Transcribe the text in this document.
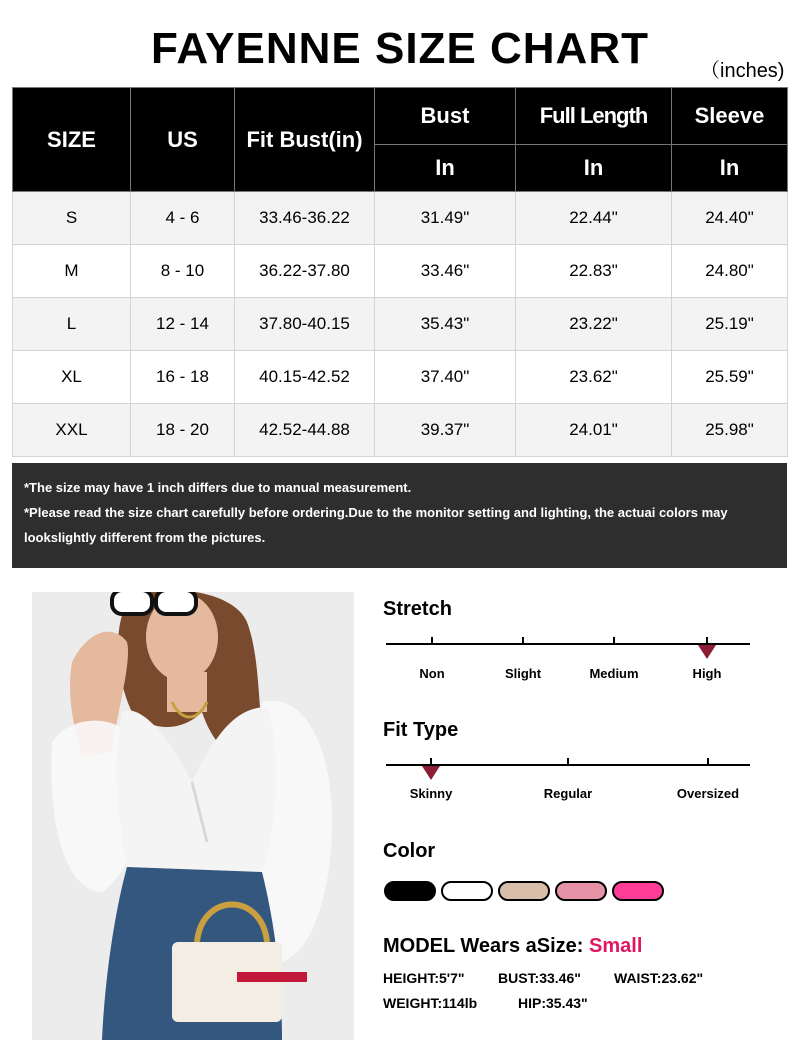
FAYENNE SIZE CHART	（inches)
SIZE	US	Fit Bust(in)	Bust	Full Length	Sleeve
			In	In	In
S	4 - 6	33.46-36.22	31.49"	22.44"	24.40"
M	8 - 10	36.22-37.80	33.46"	22.83"	24.80"
L	12 - 14	37.80-40.15	35.43"	23.22"	25.19"
XL	16 - 18	40.15-42.52	37.40"	23.62"	25.59"
XXL	18 - 20	42.52-44.88	39.37"	24.01"	25.98"

*The size may have 1 inch differs due to manual measurement.

*Please read the size chart carefully before ordering.Due to the monitor setting and lighting, the actuai colors may lookslightly different from the pictures.

Stretch
Non	Slight	Medium	High
Fit Type
Skinny	Regular	Oversized
Color
MODEL Wears aSize: Small
HEIGHT:5'7" BUST:33.46" WAIST:23.62"
WEIGHT:114lb	HIP:35.43"
